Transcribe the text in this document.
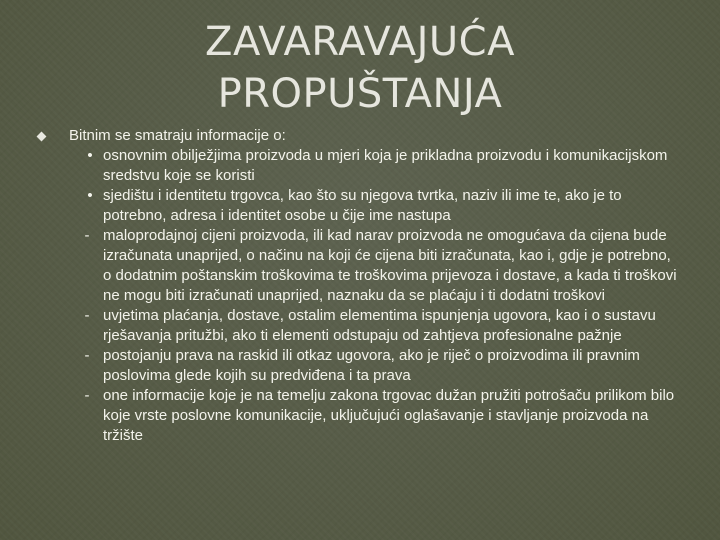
ZAVARAVAJUĆA
PROPUŠTANJA
Bitnim se smatraju informacije o:
• osnovnim obilježjima proizvoda u mjeri koja je prikladna proizvodu i komunikacijskom sredstvu koje se koristi
• sjedištu i identitetu trgovca, kao što su njegova tvrtka, naziv ili ime te, ako je to potrebno, adresa i identitet osobe u čije ime nastupa
- maloprodajnoj cijeni proizvoda, ili kad narav proizvoda ne omogućava da cijena bude izračunata unaprijed, o načinu na koji će cijena biti izračunata, kao i, gdje je potrebno, o dodatnim poštanskim troškovima te troškovima prijevoza i dostave, a kada ti troškovi ne mogu biti izračunati unaprijed, naznaku da se plaćaju i ti dodatni troškovi
- uvjetima plaćanja, dostave, ostalim elementima ispunjenja ugovora, kao i o sustavu rješavanja pritužbi, ako ti elementi odstupaju od zahtjeva profesionalne pažnje
- postojanju prava na raskid ili otkaz ugovora, ako je riječ o proizvodima ili pravnim poslovima glede kojih su predviđena i ta prava
- one informacije koje je na temelju zakona trgovac dužan pružiti potrošaču prilikom bilo koje vrste poslovne komunikacije, uključujući oglašavanje i stavljanje proizvoda na tržište
